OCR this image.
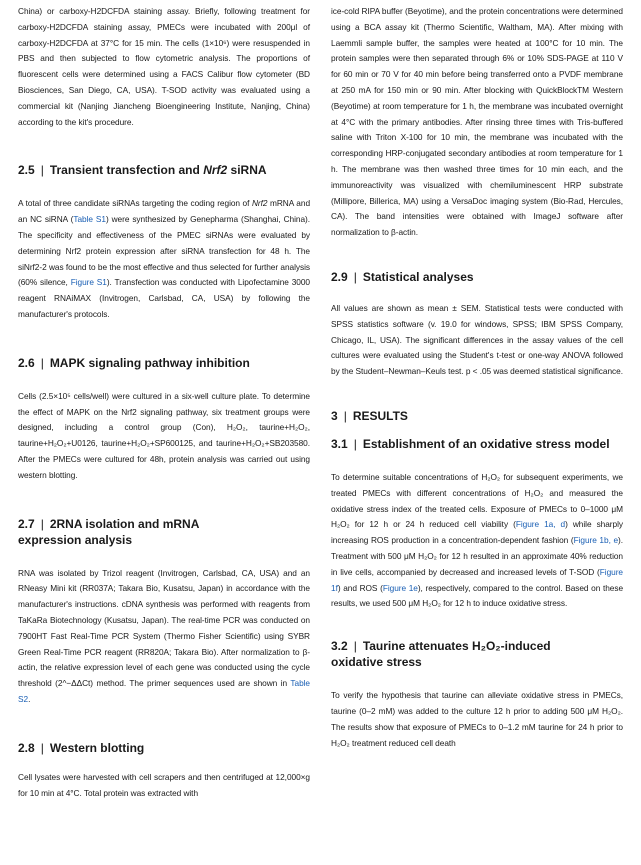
China) or carboxy-H2DCFDA staining assay. Briefly, following treatment for carboxy-H2DCFDA staining assay, PMECs were incubated with 200μl of carboxy-H2DCFDA at 37°C for 15 min. The cells (1×10⁶) were resuspended in PBS and then subjected to flow cytometric analysis. The proportions of fluorescent cells were determined using a FACS Calibur flow cytometer (BD Biosciences, San Diego, CA, USA). T-SOD activity was evaluated using a commercial kit (Nanjing Jiancheng Bioengineering Institute, Nanjing, China) according to the kit's procedure.

2.5 | Transient transfection and Nrf2 siRNA

A total of three candidate siRNAs targeting the coding region of Nrf2 mRNA and an NC siRNA (Table S1) were synthesized by Genepharma (Shanghai, China). The specificity and effectiveness of the PMEC siRNAs were evaluated by determining Nrf2 protein expression after siRNA transfection for 48 h. The siNrf2-2 was found to be the most effective and thus selected for further analysis (60% silence, Figure S1). Transfection was conducted with Lipofectamine 3000 reagent RNAiMAX (Invitrogen, Carlsbad, CA, USA) by following the manufacturer's protocols.

2.6 | MAPK signaling pathway inhibition

Cells (2.5×10⁵ cells/well) were cultured in a six-well culture plate. To determine the effect of MAPK on the Nrf2 signaling pathway, six treatment groups were designed, including a control group (Con), H₂O₂, taurine+H₂O₂, taurine+H₂O₂+U0126, taurine+H₂O₂+SP600125, and taurine+H₂O₂+SB203580. After the PMECs were cultured for 48h, protein analysis was carried out using western blotting.

2.7 | 2RNA isolation and mRNA
expression analysis

RNA was isolated by Trizol reagent (Invitrogen, Carlsbad, CA, USA) and an RNeasy Mini kit (RR037A; Takara Bio, Kusatsu, Japan) in accordance with the manufacturer's instructions. cDNA synthesis was performed with reagents from TaKaRa Biotechnology (Kusatsu, Japan). The real-time PCR was conducted on 7900HT Fast Real-Time PCR System (Thermo Fisher Scientific) using SYBR Green Real-Time PCR reagent (RR820A; Takara Bio). After normalization to β-actin, the relative expression level of each gene was conducted using the cycle threshold (2^−ΔΔCt) method. The primer sequences used are shown in Table S2.

2.8 | Western blotting

Cell lysates were harvested with cell scrapers and then centrifuged at 12,000×g for 10 min at 4°C. Total protein was extracted with

ice-cold RIPA buffer (Beyotime), and the protein concentrations were determined using a BCA assay kit (Thermo Scientific, Waltham, MA). After mixing with Laemmli sample buffer, the samples were heated at 100°C for 10 min. The protein samples were then separated through 6% or 10% SDS-PAGE at 110 V for 60 min or 70 V for 40 min before being transferred onto a PVDF membrane at 250 mA for 150 min or 90 min. After blocking with QuickBlockTM Western (Beyotime) at room temperature for 1 h, the membrane was incubated overnight at 4°C with the primary antibodies. After rinsing three times with Tris-buffered saline with Triton X-100 for 10 min, the membrane was incubated with the corresponding HRP-conjugated secondary antibodies at room temperature for 1 h. The membrane was then washed three times for 10 min each, and the immunoreactivity was visualized with chemiluminescent HRP substrate (Millipore, Billerica, MA) using a VersaDoc imaging system (Bio-Rad, Hercules, CA). The band intensities were obtained with ImageJ software after normalization to β-actin.

2.9 | Statistical analyses

All values are shown as mean ± SEM. Statistical tests were conducted with SPSS statistics software (v. 19.0 for windows, SPSS; IBM SPSS Company, Chicago, IL, USA). The significant differences in the assay values of the cell cultures were evaluated using the Student's t-test or one-way ANOVA followed by the Student–Newman–Keuls test. p < .05 was deemed statistical significance.

3 | RESULTS
3.1 | Establishment of an oxidative stress model

To determine suitable concentrations of H₂O₂ for subsequent experiments, we treated PMECs with different concentrations of H₂O₂ and measured the oxidative stress index of the treated cells. Exposure of PMECs to 0–1000 μM H₂O₂ for 12 h or 24 h reduced cell viability (Figure 1a, d) while sharply increasing ROS production in a concentration-dependent fashion (Figure 1b, e). Treatment with 500 μM H₂O₂ for 12 h resulted in an approximate 40% reduction in live cells, accompanied by decreased and increased levels of T-SOD (Figure 1f) and ROS (Figure 1e), respectively, compared to the control. Based on these results, we used 500 μM H₂O₂ for 12 h to induce oxidative stress.

3.2 | Taurine attenuates H₂O₂-induced
oxidative stress

To verify the hypothesis that taurine can alleviate oxidative stress in PMECs, taurine (0–2 mM) was added to the culture 12 h prior to adding 500 μM H₂O₂. The results show that exposure of PMECs to 0–1.2 mM taurine for 24 h prior to H₂O₂ treatment reduced cell death
